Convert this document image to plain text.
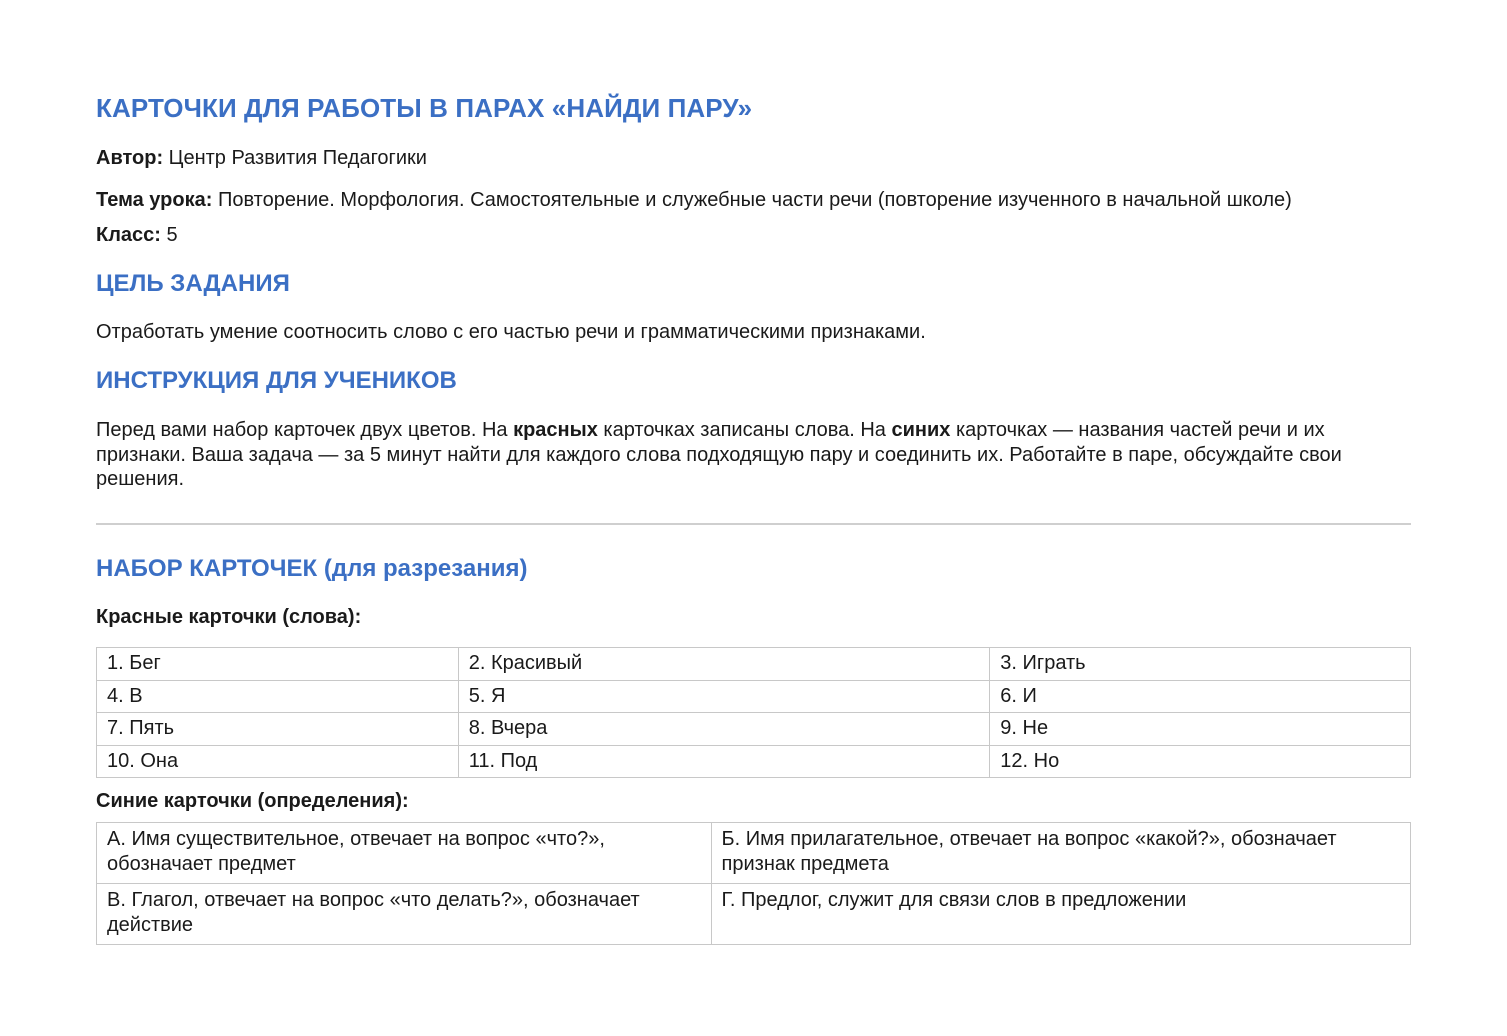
КАРТОЧКИ ДЛЯ РАБОТЫ В ПАРАХ «НАЙДИ ПАРУ»

Автор: Центр Развития Педагогики

Тема урока: Повторение. Морфология. Самостоятельные и служебные части речи (повторение изученного в начальной школе)

Класс: 5

ЦЕЛЬ ЗАДАНИЯ

Отработать умение соотносить слово с его частью речи и грамматическими признаками.

ИНСТРУКЦИЯ ДЛЯ УЧЕНИКОВ

Перед вами набор карточек двух цветов. На красных карточках записаны слова. На синих карточках — названия частей речи и их признаки. Ваша задача — за 5 минут найти для каждого слова подходящую пару и соединить их. Работайте в паре, обсуждайте свои решения.

НАБОР КАРТОЧЕК (для разрезания)

Красные карточки (слова):

1. Бег	2. Красивый	3. Играть
4. В	5. Я	6. И
7. Пять	8. Вчера	9. Не
10. Она	11. Под	12. Но

Синие карточки (определения):

А. Имя существительное, отвечает на вопрос «что?», обозначает предмет	Б. Имя прилагательное, отвечает на вопрос «какой?», обозначает признак предмета
В. Глагол, отвечает на вопрос «что делать?», обозначает действие	Г. Предлог, служит для связи слов в предложении
